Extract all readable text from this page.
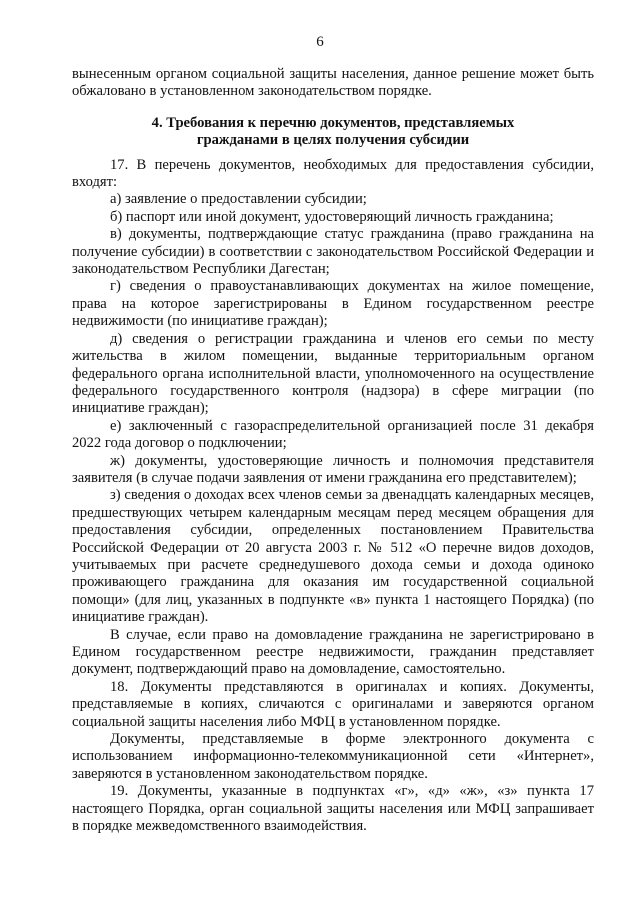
6

вынесенным органом социальной защиты населения, данное решение может быть обжаловано в установленном законодательством порядке.

4. Требования к перечню документов, представляемых
гражданами в целях получения субсидии

17. В перечень документов, необходимых для предоставления субсидии, входят:

а) заявление о предоставлении субсидии;

б) паспорт или иной документ, удостоверяющий личность гражданина;

в) документы, подтверждающие статус гражданина (право гражданина на получение субсидии) в соответствии с законодательством Российской Федерации и законодательством Республики Дагестан;

г) сведения о правоустанавливающих документах на жилое помещение, права на которое зарегистрированы в Едином государственном реестре недвижимости (по инициативе граждан);

д) сведения о регистрации гражданина и членов его семьи по месту жительства в жилом помещении, выданные территориальным органом федерального органа исполнительной власти, уполномоченного на осуществление федерального государственного контроля (надзора) в сфере миграции (по инициативе граждан);

е) заключенный с газораспределительной организацией после 31 декабря 2022 года договор о подключении;

ж) документы, удостоверяющие личность и полномочия представителя заявителя (в случае подачи заявления от имени гражданина его представителем);

з) сведения о доходах всех членов семьи за двенадцать календарных месяцев, предшествующих четырем календарным месяцам перед месяцем обращения для предоставления субсидии, определенных постановлением Правительства Российской Федерации от 20 августа 2003 г. № 512 «О перечне видов доходов, учитываемых при расчете среднедушевого дохода семьи и дохода одиноко проживающего гражданина для оказания им государственной социальной помощи» (для лиц, указанных в подпункте «в» пункта 1 настоящего Порядка) (по инициативе граждан).

В случае, если право на домовладение гражданина не зарегистрировано в Едином государственном реестре недвижимости, гражданин представляет документ, подтверждающий право на домовладение, самостоятельно.

18. Документы представляются в оригиналах и копиях. Документы, представляемые в копиях, сличаются с оригиналами и заверяются органом социальной защиты населения либо МФЦ в установленном порядке.

Документы, представляемые в форме электронного документа с использованием информационно-телекоммуникационной сети «Интернет», заверяются в установленном законодательством порядке.

19. Документы, указанные в подпунктах «г», «д» «ж», «з» пункта 17 настоящего Порядка, орган социальной защиты населения или МФЦ запрашивает в порядке межведомственного взаимодействия.
